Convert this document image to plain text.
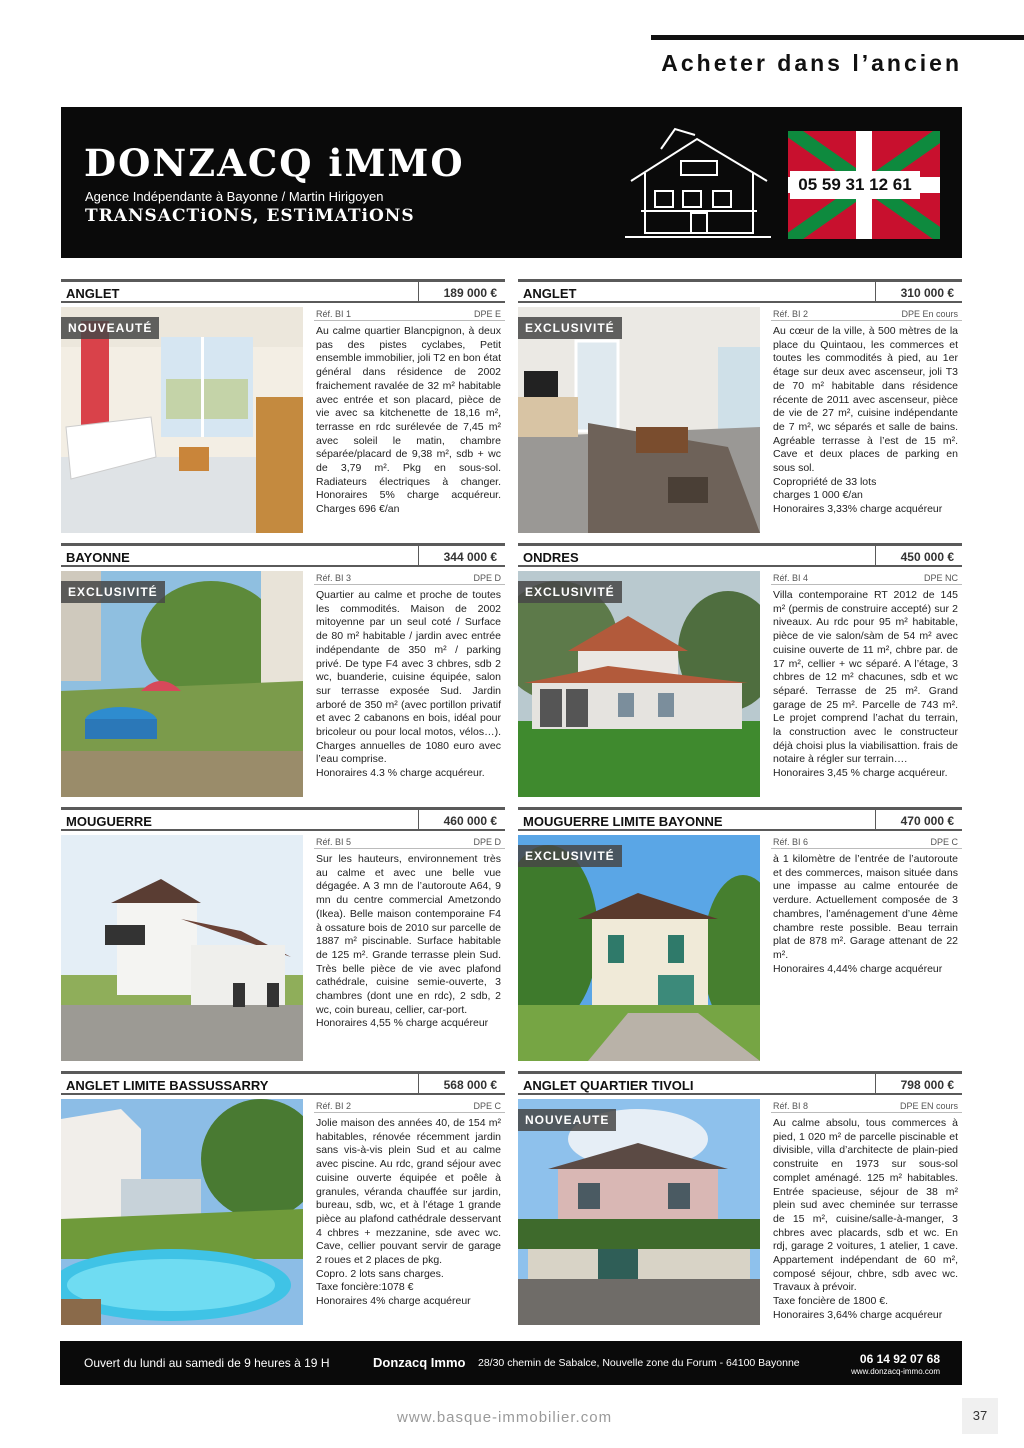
Acheter dans l’ancien
DONZACQ iMMO
Agence Indépendante à Bayonne / Martin Hirigoyen
TRANSACTiONS, ESTiMATiONS
05 59 31 12 61
ANGLET	189 000 €
NOUVEAUTÉ
Réf. BI 1	DPE E
Au calme quartier Blancpignon, à deux pas des pistes cyclabes, Petit ensemble immobilier, joli T2 en bon état général dans résidence de 2002 fraichement ravalée de 32 m² habitable avec entrée et son placard, pièce de vie avec sa kitchenette de 18,16 m², terrasse en rdc surélevée de 7,45 m² avec soleil le matin, chambre séparée/placard de 9,38 m², sdb + wc de 3,79 m². Pkg en sous-sol. Radiateurs électriques à changer. Honoraires 5% charge acquéreur. Charges 696 €/an
ANGLET	310 000 €
EXCLUSIVITÉ
Réf. BI 2	DPE En cours
Au cœur de la ville, à 500 mètres de la place du Quintaou, les commerces et toutes les commodités à pied, au 1er étage sur deux avec ascenseur, joli T3 de 70 m² habitable dans résidence récente de 2011 avec ascenseur, pièce de vie de 27 m², cuisine indépendante de 7 m², wc séparés et salle de bains. Agréable terrasse à l’est de 15 m². Cave et deux places de parking en sous sol.
Copropriété de 33 lots
charges 1 000 €/an
Honoraires 3,33% charge acquéreur
BAYONNE	344 000 €
EXCLUSIVITÉ
Réf. BI 3	DPE D
Quartier au calme et proche de toutes les commodités. Maison de 2002 mitoyenne par un seul coté / Surface de 80 m² habitable / jardin avec entrée indépendante de 350 m² / parking privé. De type F4 avec 3 chbres, sdb 2 wc, buanderie, cuisine équipée, salon sur terrasse exposée Sud. Jardin arboré de 350 m² (avec portillon privatif et avec 2 cabanons en bois, idéal pour bricoleur ou pour local motos, vélos…). Charges annuelles de 1080 euro avec l’eau comprise.
Honoraires 4.3 % charge acquéreur.
ONDRES	450 000 €
EXCLUSIVITÉ
Réf. BI 4	DPE NC
Villa contemporaine RT 2012 de 145 m² (permis de construire accepté) sur 2 niveaux. Au rdc pour 95 m² habitable, pièce de vie salon/sàm de 54 m² avec cuisine ouverte de 11 m², chbre par. de 17 m², cellier + wc séparé. A l’étage, 3 chbres de 12 m² chacunes, sdb et wc séparé. Terrasse de 25 m². Grand garage de 25 m². Parcelle de 743 m². Le projet comprend l’achat du terrain, la construction avec le constructeur déjà choisi plus la viabilisattion. frais de notaire à régler sur terrain….
Honoraires 3,45 % charge acquéreur.
MOUGUERRE	460 000 €
Réf. BI 5	DPE D
Sur les hauteurs, environnement très au calme et avec une belle vue dégagée. A 3 mn de l’autoroute A64, 9 mn du centre commercial Ametzondo (Ikea). Belle maison contemporaine F4 à ossature bois de 2010 sur parcelle de 1887 m² piscinable. Surface habitable de 125 m². Grande terrasse plein Sud. Très belle pièce de vie avec plafond cathédrale, cuisine semie-ouverte, 3 chambres (dont une en rdc), 2 sdb, 2 wc, coin bureau, cellier, car-port.
Honoraires 4,55 % charge acquéreur
MOUGUERRE LIMITE BAYONNE	470 000 €
EXCLUSIVITÉ
Réf. BI 6	DPE C
à 1 kilomètre de l’entrée de l’autoroute et des commerces, maison située dans une impasse au calme entourée de verdure. Actuellement composée de 3 chambres, l’aménagement d’une 4ème chambre reste possible. Beau terrain plat de 878 m². Garage attenant de 22 m².
Honoraires 4,44% charge acquéreur
ANGLET LIMITE BASSUSSARRY	568 000 €
Réf. BI 2	DPE C
Jolie maison des années 40, de 154 m² habitables, rénovée récemment jardin sans vis-à-vis plein Sud et au calme avec piscine. Au rdc, grand séjour avec cuisine ouverte équipée et poêle à granules, véranda chauffée sur jardin, bureau, sdb, wc, et à l’étage 1 grande pièce au plafond cathédrale desservant 4 chbres + mezzanine, sde avec wc. Cave, cellier pouvant servir de garage 2 roues et 2 places de pkg.
Copro. 2 lots sans charges.
Taxe foncière:1078 €
Honoraires 4% charge acquéreur
ANGLET QUARTIER TIVOLI	798 000 €
NOUVEAUTE
Réf. BI 8	DPE EN cours
Au calme absolu, tous commerces à pied, 1 020 m² de parcelle piscinable et divisible, villa d’architecte de plain-pied construite en 1973 sur sous-sol complet aménagé. 125 m² habitables. Entrée spacieuse, séjour de 38 m² plein sud avec cheminée sur terrasse de 15 m², cuisine/salle-à-manger, 3 chbres avec placards, sdb et wc. En rdj, garage 2 voitures, 1 atelier, 1 cave. Appartement indépendant de 60 m², composé séjour, chbre, sdb avec wc. Travaux à prévoir.
Taxe foncière de 1800 €.
Honoraires 3,64% charge acquéreur
Ouvert du lundi au samedi de 9 heures à 19 H	Donzacq Immo 28/30 chemin de Sabalce, Nouvelle zone du Forum - 64100 Bayonne	06 14 92 07 68
www.donzacq-immo.com
www.basque-immobilier.com	37
